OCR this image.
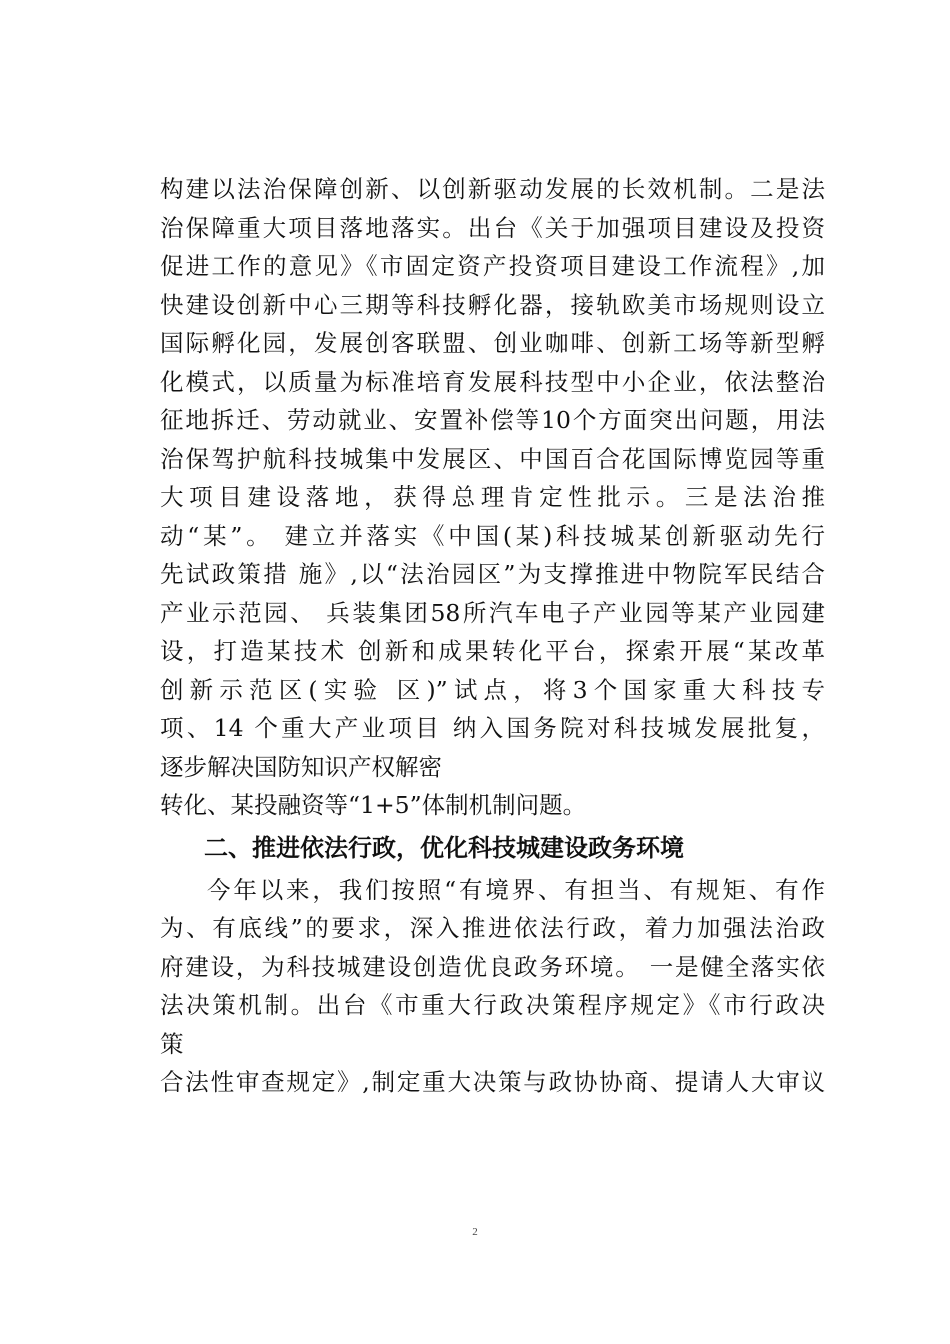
构建以法治保障创新、以创新驱动发展的长效机制。二是法
治保障重大项目落地落实。出台《关于加强项目建设及投资
促进工作的意见》《市固定资产投资项目建设工作流程》,加
快建设创新中心三期等科技孵化器，接轨欧美市场规则设立
国际孵化园，发展创客联盟、创业咖啡、创新工场等新型孵
化模式，以质量为标准培育发展科技型中小企业，依法整治
征地拆迁、劳动就业、安置补偿等10个方面突出问题，用法
治保驾护航科技城集中发展区、中国百合花国际博览园等重
大项目建设落地，获得总理肯定性批示。三是法治推
动“某”。 建立并落实《中国(某)科技城某创新驱动先行
先试政策措 施》,以“法治园区”为支撑推进中物院军民结合
产业示范园、 兵装集团58所汽车电子产业园等某产业园建
设，打造某技术 创新和成果转化平台，探索开展“某改革
创新示范区(实验 区)”试点，将3个国家重大科技专
项、14 个重大产业项目 纳入国务院对科技城发展批复，
逐步解决国防知识产权解密
转化、某投融资等“1+5”体制机制问题。
二、推进依法行政，优化科技城建设政务环境
今年以来，我们按照“有境界、有担当、有规矩、有作
为、有底线”的要求，深入推进依法行政，着力加强法治政
府建设，为科技城建设创造优良政务环境。 一是健全落实依
法决策机制。出台《市重大行政决策程序规定》《市行政决
策
合法性审查规定》,制定重大决策与政协协商、提请人大审议
2
